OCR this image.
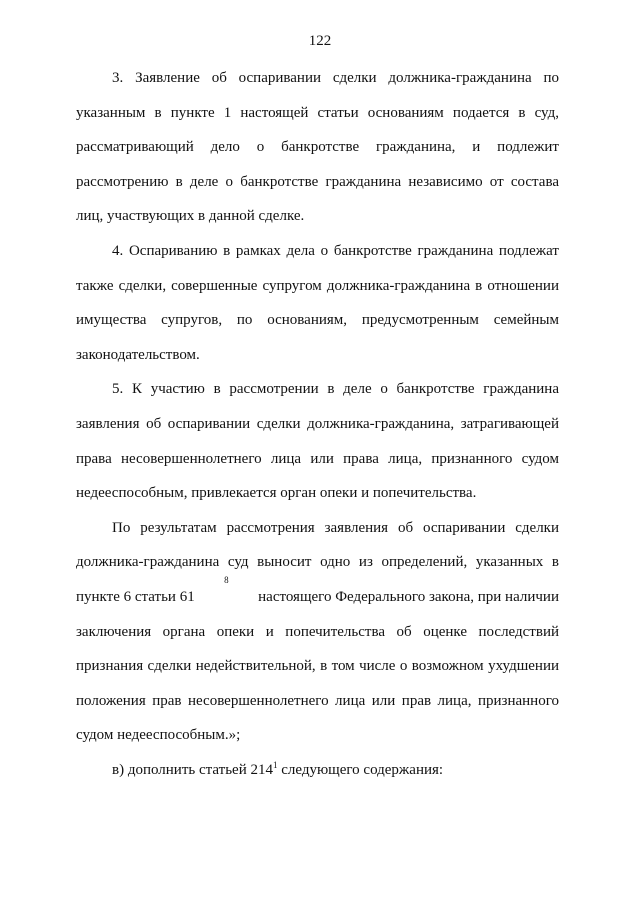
122
3. Заявление об оспаривании сделки должника-гражданина по
указанным в пункте 1 настоящей статьи основаниям подается в суд,
рассматривающий дело о банкротстве гражданина, и подлежит
рассмотрению в деле о банкротстве гражданина независимо от состава
лиц, участвующих в данной сделке.
4. Оспариванию в рамках дела о банкротстве гражданина подлежат
также сделки, совершенные супругом должника-гражданина в отношении
имущества супругов, по основаниям, предусмотренным семейным
законодательством.
5. К участию в рассмотрении в деле о банкротстве гражданина
заявления об оспаривании сделки должника-гражданина, затрагивающей
права несовершеннолетнего лица или права лица, признанного судом
недееспособным, привлекается орган опеки и попечительства.
По результатам рассмотрения заявления об оспаривании сделки
должника-гражданина суд выносит одно из определений, указанных в
пункте 6 статьи 61
8
настоящего Федерального закона, при наличии
заключения органа опеки и попечительства об оценке последствий
признания сделки недействительной, в том числе о возможном ухудшении
положения прав несовершеннолетнего лица или прав лица, признанного
судом недееспособным.»;
в) дополнить статьей $214^1$ следующего содержания:
